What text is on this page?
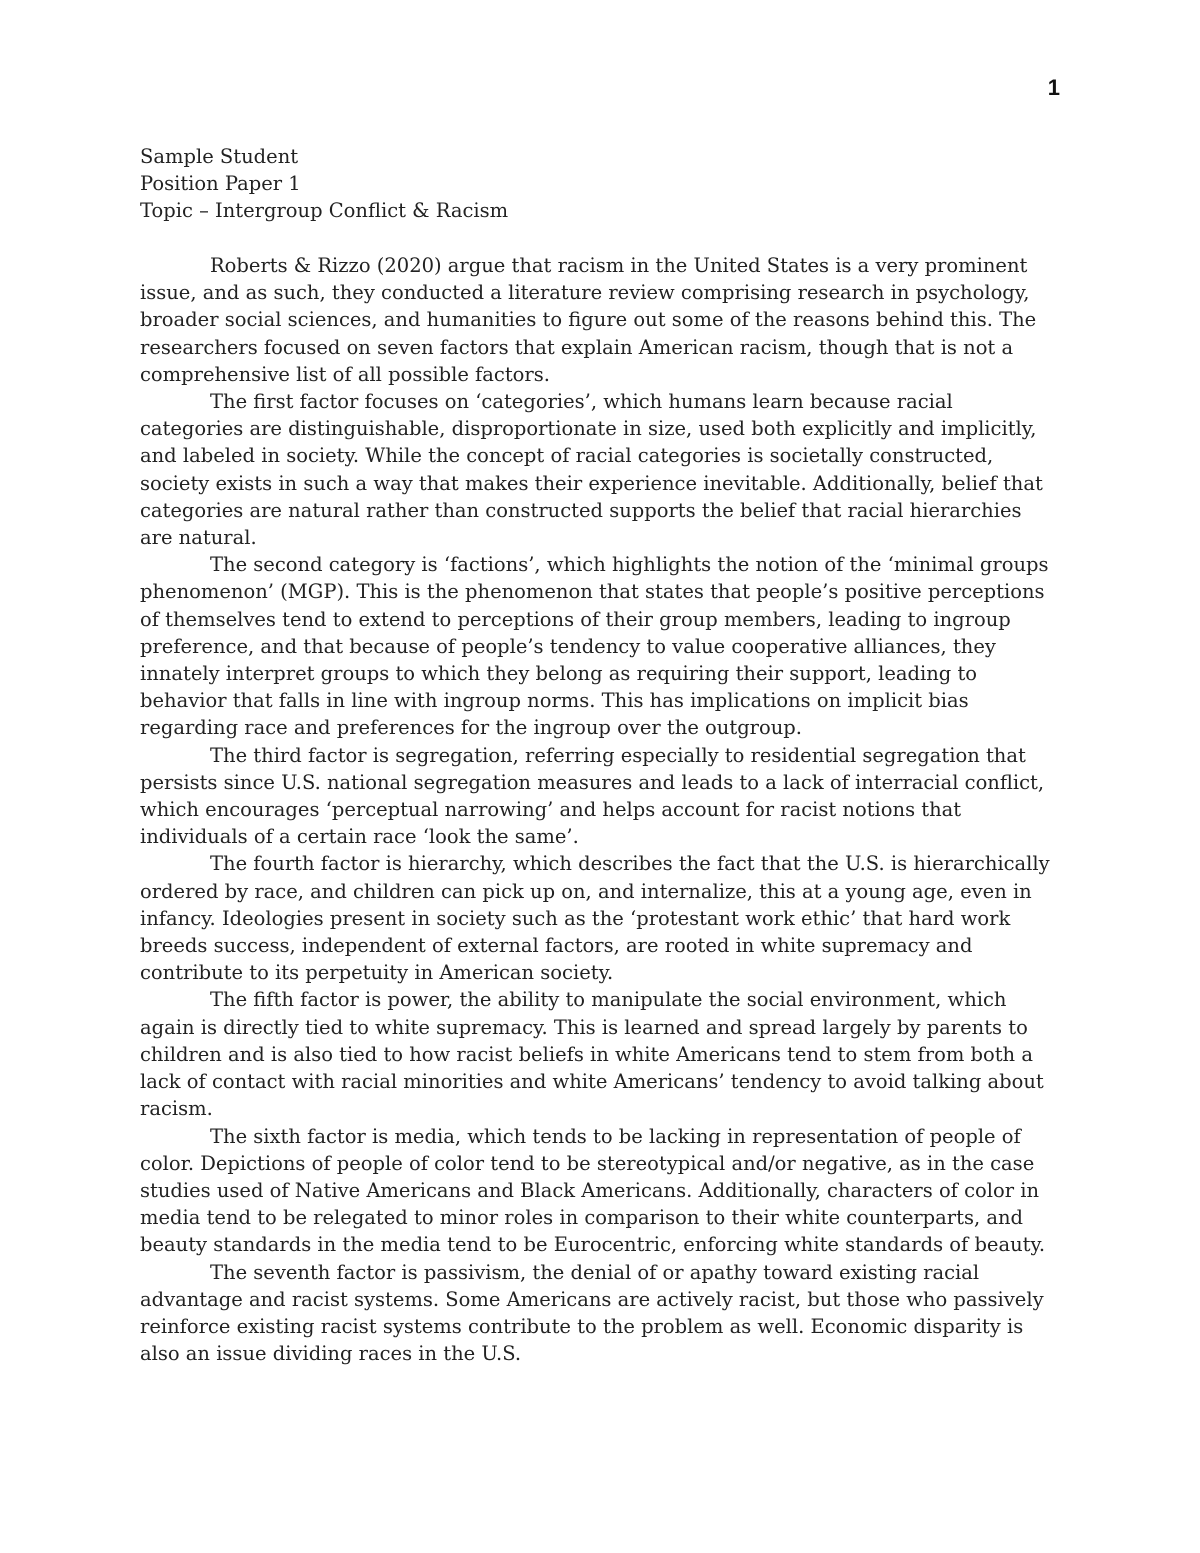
1
Sample Student
Position Paper 1
Topic – Intergroup Conflict & Racism

Roberts & Rizzo (2020) argue that racism in the United States is a very prominent issue, and as such, they conducted a literature review comprising research in psychology, broader social sciences, and humanities to figure out some of the reasons behind this. The researchers focused on seven factors that explain American racism, though that is not a comprehensive list of all possible factors.

The first factor focuses on ‘categories’, which humans learn because racial categories are distinguishable, disproportionate in size, used both explicitly and implicitly, and labeled in society. While the concept of racial categories is societally constructed, society exists in such a way that makes their experience inevitable. Additionally, belief that categories are natural rather than constructed supports the belief that racial hierarchies are natural.

The second category is ‘factions’, which highlights the notion of the ‘minimal groups phenomenon’ (MGP). This is the phenomenon that states that people’s positive perceptions of themselves tend to extend to perceptions of their group members, leading to ingroup preference, and that because of people’s tendency to value cooperative alliances, they innately interpret groups to which they belong as requiring their support, leading to behavior that falls in line with ingroup norms. This has implications on implicit bias regarding race and preferences for the ingroup over the outgroup.

The third factor is segregation, referring especially to residential segregation that persists since U.S. national segregation measures and leads to a lack of interracial conflict, which encourages ‘perceptual narrowing’ and helps account for racist notions that individuals of a certain race ‘look the same’.

The fourth factor is hierarchy, which describes the fact that the U.S. is hierarchically ordered by race, and children can pick up on, and internalize, this at a young age, even in infancy. Ideologies present in society such as the ‘protestant work ethic’ that hard work breeds success, independent of external factors, are rooted in white supremacy and contribute to its perpetuity in American society.

The fifth factor is power, the ability to manipulate the social environment, which again is directly tied to white supremacy. This is learned and spread largely by parents to children and is also tied to how racist beliefs in white Americans tend to stem from both a lack of contact with racial minorities and white Americans’ tendency to avoid talking about racism.

The sixth factor is media, which tends to be lacking in representation of people of color. Depictions of people of color tend to be stereotypical and/or negative, as in the case studies used of Native Americans and Black Americans. Additionally, characters of color in media tend to be relegated to minor roles in comparison to their white counterparts, and beauty standards in the media tend to be Eurocentric, enforcing white standards of beauty.

The seventh factor is passivism, the denial of or apathy toward existing racial advantage and racist systems. Some Americans are actively racist, but those who passively reinforce existing racist systems contribute to the problem as well. Economic disparity is also an issue dividing races in the U.S.
